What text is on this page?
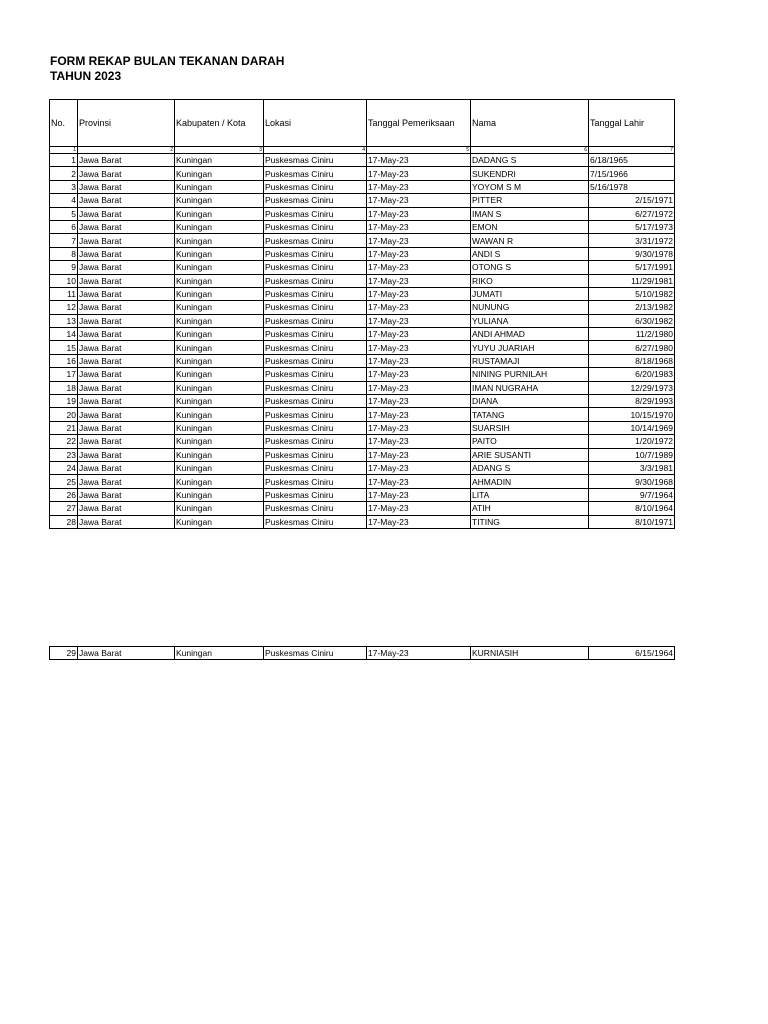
FORM REKAP BULAN TEKANAN DARAH
TAHUN 2023
No.	Provinsi	Kabupaten / Kota	Lokasi	Tanggal Pemeriksaan	Nama	Tanggal Lahir
1	2	3	4	5	6	7
1	Jawa Barat	Kuningan	Puskesmas Ciniru	17-May-23	DADANG S	6/18/1965
2	Jawa Barat	Kuningan	Puskesmas Ciniru	17-May-23	SUKENDRI	7/15/1966
3	Jawa Barat	Kuningan	Puskesmas Ciniru	17-May-23	YOYOM S M	5/16/1978
4	Jawa Barat	Kuningan	Puskesmas Ciniru	17-May-23	PITTER	2/15/1971
5	Jawa Barat	Kuningan	Puskesmas Ciniru	17-May-23	IMAN S	6/27/1972
6	Jawa Barat	Kuningan	Puskesmas Ciniru	17-May-23	EMON	5/17/1973
7	Jawa Barat	Kuningan	Puskesmas Ciniru	17-May-23	WAWAN R	3/31/1972
8	Jawa Barat	Kuningan	Puskesmas Ciniru	17-May-23	ANDI S	9/30/1978
9	Jawa Barat	Kuningan	Puskesmas Ciniru	17-May-23	OTONG S	5/17/1991
10	Jawa Barat	Kuningan	Puskesmas Ciniru	17-May-23	RIKO	11/29/1981
11	Jawa Barat	Kuningan	Puskesmas Ciniru	17-May-23	JUMATI	5/10/1982
12	Jawa Barat	Kuningan	Puskesmas Ciniru	17-May-23	NUNUNG	2/13/1982
13	Jawa Barat	Kuningan	Puskesmas Ciniru	17-May-23	YULIANA	6/30/1982
14	Jawa Barat	Kuningan	Puskesmas Ciniru	17-May-23	ANDI AHMAD	11/2/1980
15	Jawa Barat	Kuningan	Puskesmas Ciniru	17-May-23	YUYU JUARIAH	6/27/1980
16	Jawa Barat	Kuningan	Puskesmas Ciniru	17-May-23	RUSTAMAJI	8/18/1968
17	Jawa Barat	Kuningan	Puskesmas Ciniru	17-May-23	NINING PURNILAH	6/20/1983
18	Jawa Barat	Kuningan	Puskesmas Ciniru	17-May-23	IMAN NUGRAHA	12/29/1973
19	Jawa Barat	Kuningan	Puskesmas Ciniru	17-May-23	DIANA	8/29/1993
20	Jawa Barat	Kuningan	Puskesmas Ciniru	17-May-23	TATANG	10/15/1970
21	Jawa Barat	Kuningan	Puskesmas Ciniru	17-May-23	SUARSIH	10/14/1969
22	Jawa Barat	Kuningan	Puskesmas Ciniru	17-May-23	PAITO	1/20/1972
23	Jawa Barat	Kuningan	Puskesmas Ciniru	17-May-23	ARIE SUSANTI	10/7/1989
24	Jawa Barat	Kuningan	Puskesmas Ciniru	17-May-23	ADANG S	3/3/1981
25	Jawa Barat	Kuningan	Puskesmas Ciniru	17-May-23	AHMADIN	9/30/1968
26	Jawa Barat	Kuningan	Puskesmas Ciniru	17-May-23	LITA	9/7/1964
27	Jawa Barat	Kuningan	Puskesmas Ciniru	17-May-23	ATIH	8/10/1964
28	Jawa Barat	Kuningan	Puskesmas Ciniru	17-May-23	TITING	8/10/1971
29	Jawa Barat	Kuningan	Puskesmas Ciniru	17-May-23	KURNIASIH	6/15/1964
